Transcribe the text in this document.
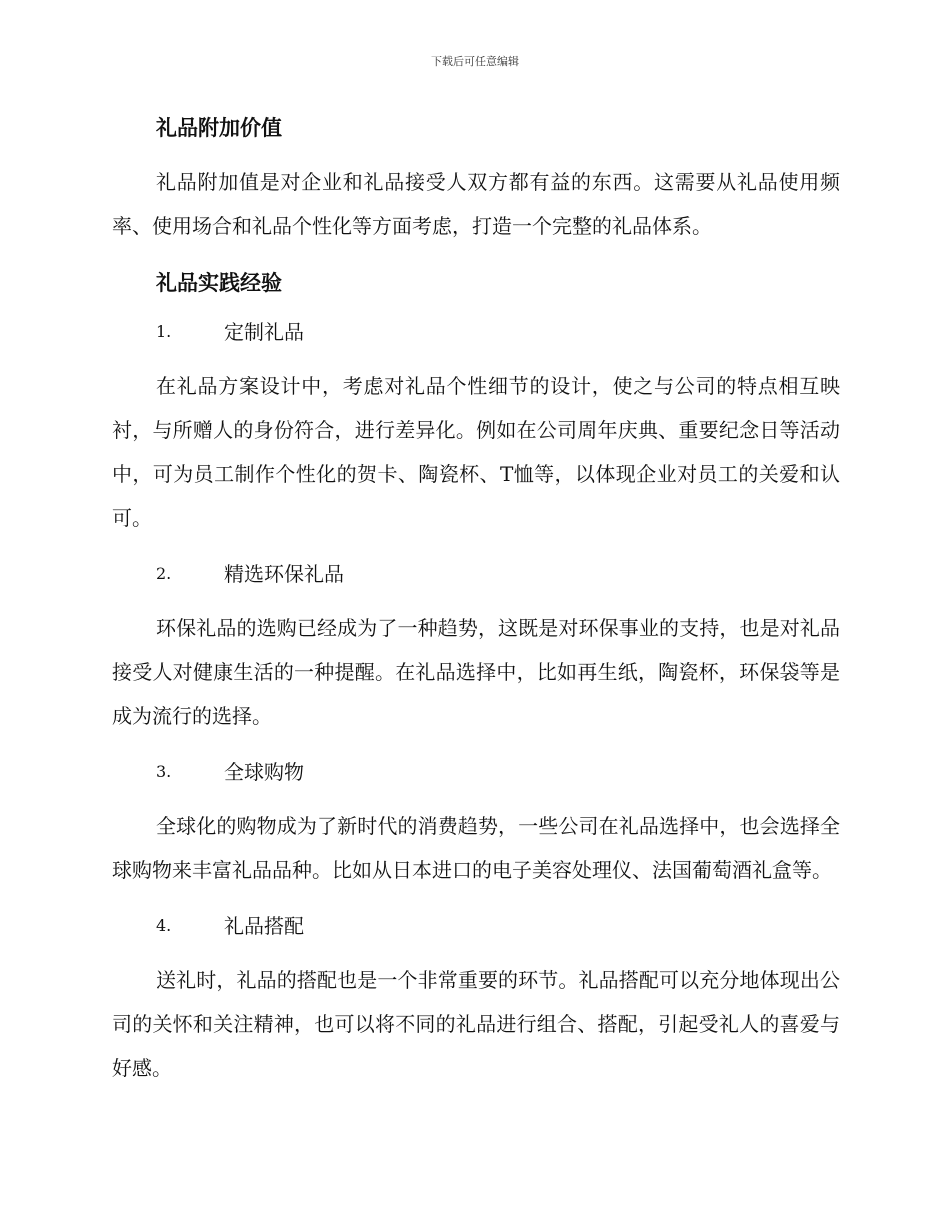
下载后可任意编辑
礼品附加价值

礼品附加值是对企业和礼品接受人双方都有益的东西。这需要从礼品使用频率、使用场合和礼品个性化等方面考虑，打造一个完整的礼品体系。

礼品实践经验
1.	定制礼品

在礼品方案设计中，考虑对礼品个性细节的设计，使之与公司的特点相互映衬，与所赠人的身份符合，进行差异化。例如在公司周年庆典、重要纪念日等活动中，可为员工制作个性化的贺卡、陶瓷杯、T恤等，以体现企业对员工的关爱和认可。

2.	精选环保礼品

环保礼品的选购已经成为了一种趋势，这既是对环保事业的支持，也是对礼品接受人对健康生活的一种提醒。在礼品选择中，比如再生纸，陶瓷杯，环保袋等是成为流行的选择。

3.	全球购物

全球化的购物成为了新时代的消费趋势，一些公司在礼品选择中，也会选择全球购物来丰富礼品品种。比如从日本进口的电子美容处理仪、法国葡萄酒礼盒等。

4.	礼品搭配

送礼时，礼品的搭配也是一个非常重要的环节。礼品搭配可以充分地体现出公司的关怀和关注精神，也可以将不同的礼品进行组合、搭配，引起受礼人的喜爱与好感。
